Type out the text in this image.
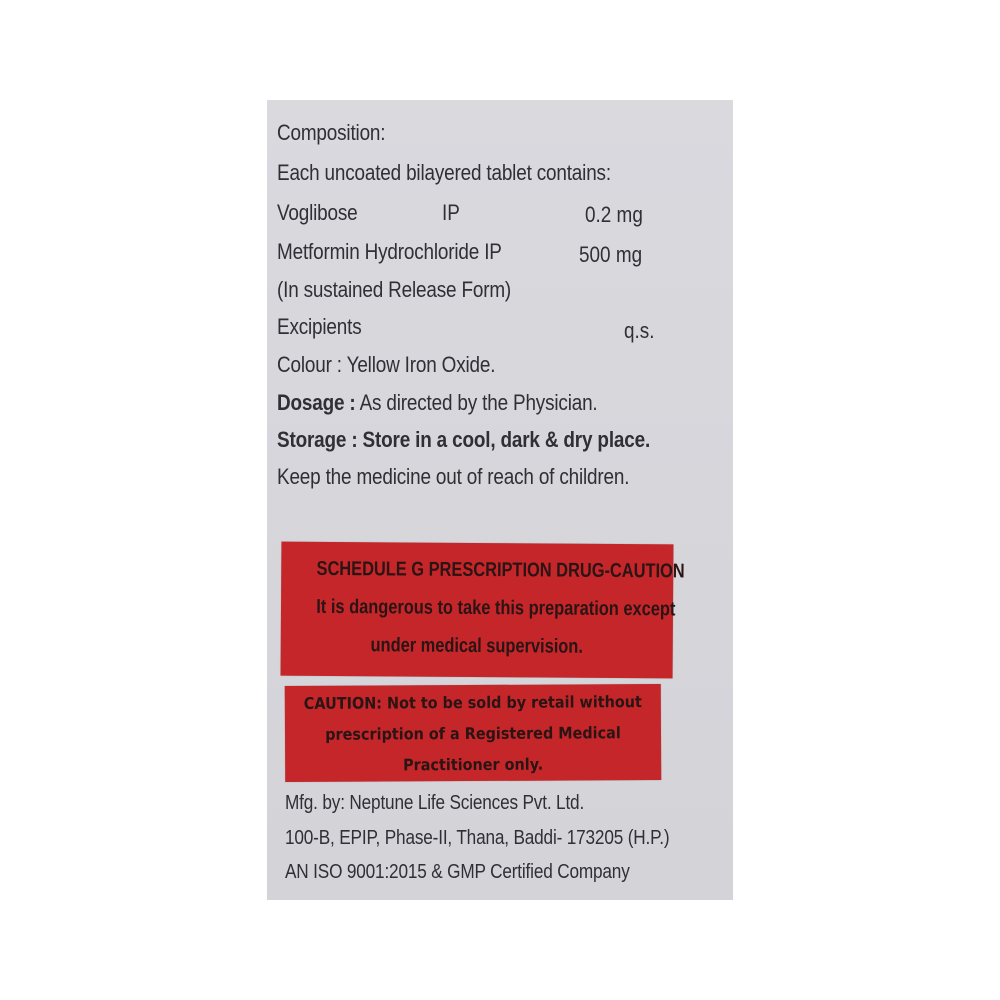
Composition:
Each uncoated bilayered tablet contains:
Voglibose	IP	0.2 mg
Metformin Hydrochloride IP	500 mg
(In sustained Release Form)
Excipients	q.s.
Colour : Yellow Iron Oxide.
Dosage : As directed by the Physician.
Storage : Store in a cool, dark & dry place.
Keep the medicine out of reach of children.
SCHEDULE G PRESCRIPTION DRUG-CAUTION
It is dangerous to take this preparation except
under medical supervision.
CAUTION: Not to be sold by retail without
prescription of a Registered Medical
Practitioner only.
Mfg. by: Neptune Life Sciences Pvt. Ltd.
100-B, EPIP, Phase-II, Thana, Baddi- 173205 (H.P.)
AN ISO 9001:2015 & GMP Certified Company
